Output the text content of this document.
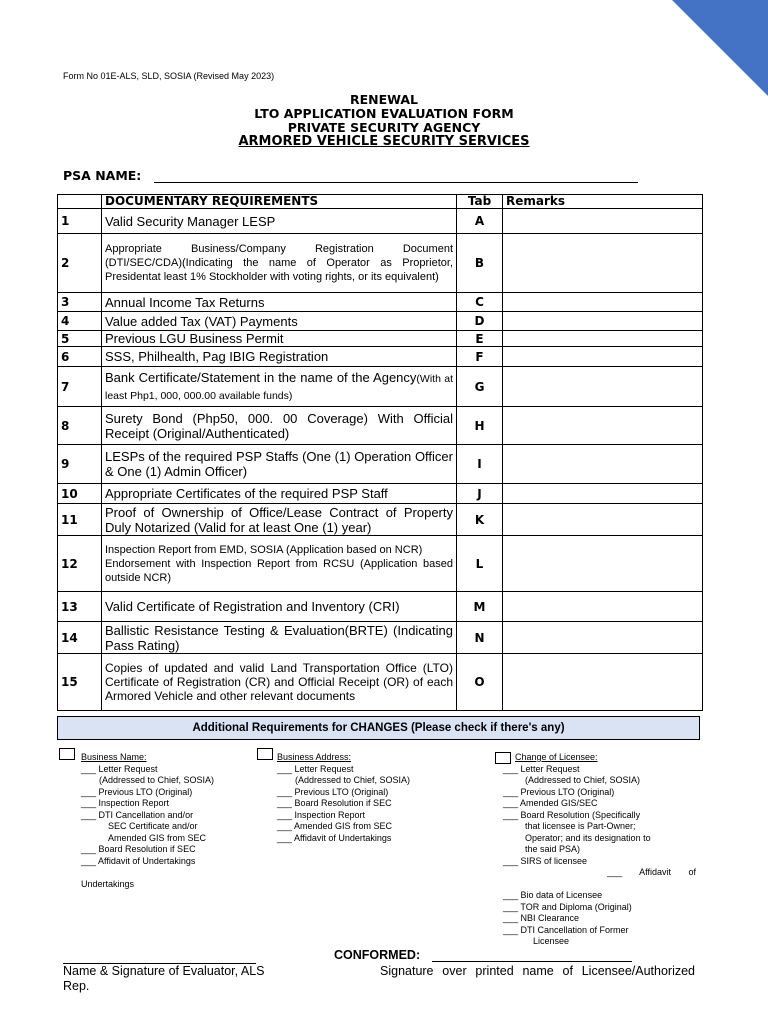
Form No 01E-ALS, SLD, SOSIA (Revised May 2023)
RENEWAL
LTO APPLICATION EVALUATION FORM
PRIVATE SECURITY AGENCY
ARMORED VEHICLE SECURITY SERVICES
PSA NAME:
	DOCUMENTARY REQUIREMENTS	Tab	Remarks
1	Valid Security Manager LESP	A	
2	Appropriate Business/Company Registration Document (DTI/SEC/CDA)(Indicating the name of Operator as Proprietor, Presidentat least 1% Stockholder with voting rights, or its equivalent)	B	
3	Annual Income Tax Returns	C	
4	Value added Tax (VAT) Payments	D	
5	Previous LGU Business Permit	E	
6	SSS, Philhealth, Pag IBIG Registration	F	
7	Bank Certificate/Statement in the name of the Agency(With at least Php1, 000, 000.00 available funds)	G	
8	Surety Bond (Php50, 000. 00 Coverage) With Official Receipt (Original/Authenticated)	H	
9	LESPs of the required PSP Staffs (One (1) Operation Officer & One (1) Admin Officer)	I	
10	Appropriate Certificates of the required PSP Staff	J	
11	Proof of Ownership of Office/Lease Contract of Property Duly Notarized (Valid for at least One (1) year)	K	
12	Inspection Report from EMD, SOSIA (Application based on NCR)
Endorsement with Inspection Report from RCSU (Application based outside NCR)	L	
13	Valid Certificate of Registration and Inventory (CRI)	M	
14	Ballistic Resistance Testing & Evaluation(BRTE) (Indicating Pass Rating)	N	
15	Copies of updated and valid Land Transportation Office (LTO) Certificate of Registration (CR) and Official Receipt (OR) of each Armored Vehicle and other relevant documents	O	
Additional Requirements for CHANGES (Please check if there's any)
Business Name:
___ Letter Request
(Addressed to Chief, SOSIA)
___ Previous LTO (Original)
___ Inspection Report
___ DTI Cancellation and/or
SEC Certificate and/or
Amended GIS from SEC
___ Board Resolution if SEC
___ Affidavit of Undertakings
Undertakings
Business Address:
___ Letter Request
(Addressed to Chief, SOSIA)
___ Previous LTO (Original)
___ Board Resolution if SEC
___ Inspection Report
___ Amended GIS from SEC
___ Affidavit of Undertakings
Change of Licensee:
___ Letter Request
(Addressed to Chief, SOSIA)
___ Previous LTO (Original)
___ Amended GIS/SEC
___ Board Resolution (Specifically
that licensee is Part-Owner;
Operator; and its designation to
the said PSA)
___ SIRS of licensee
___       Affidavit       of
___ Bio data of Licensee
___ TOR and Diploma (Original)
___ NBI Clearance
___ DTI Cancellation of Former
Licensee
CONFORMED:
Name & Signature of Evaluator, ALS Rep.
Signature over printed name of Licensee/Authorized
